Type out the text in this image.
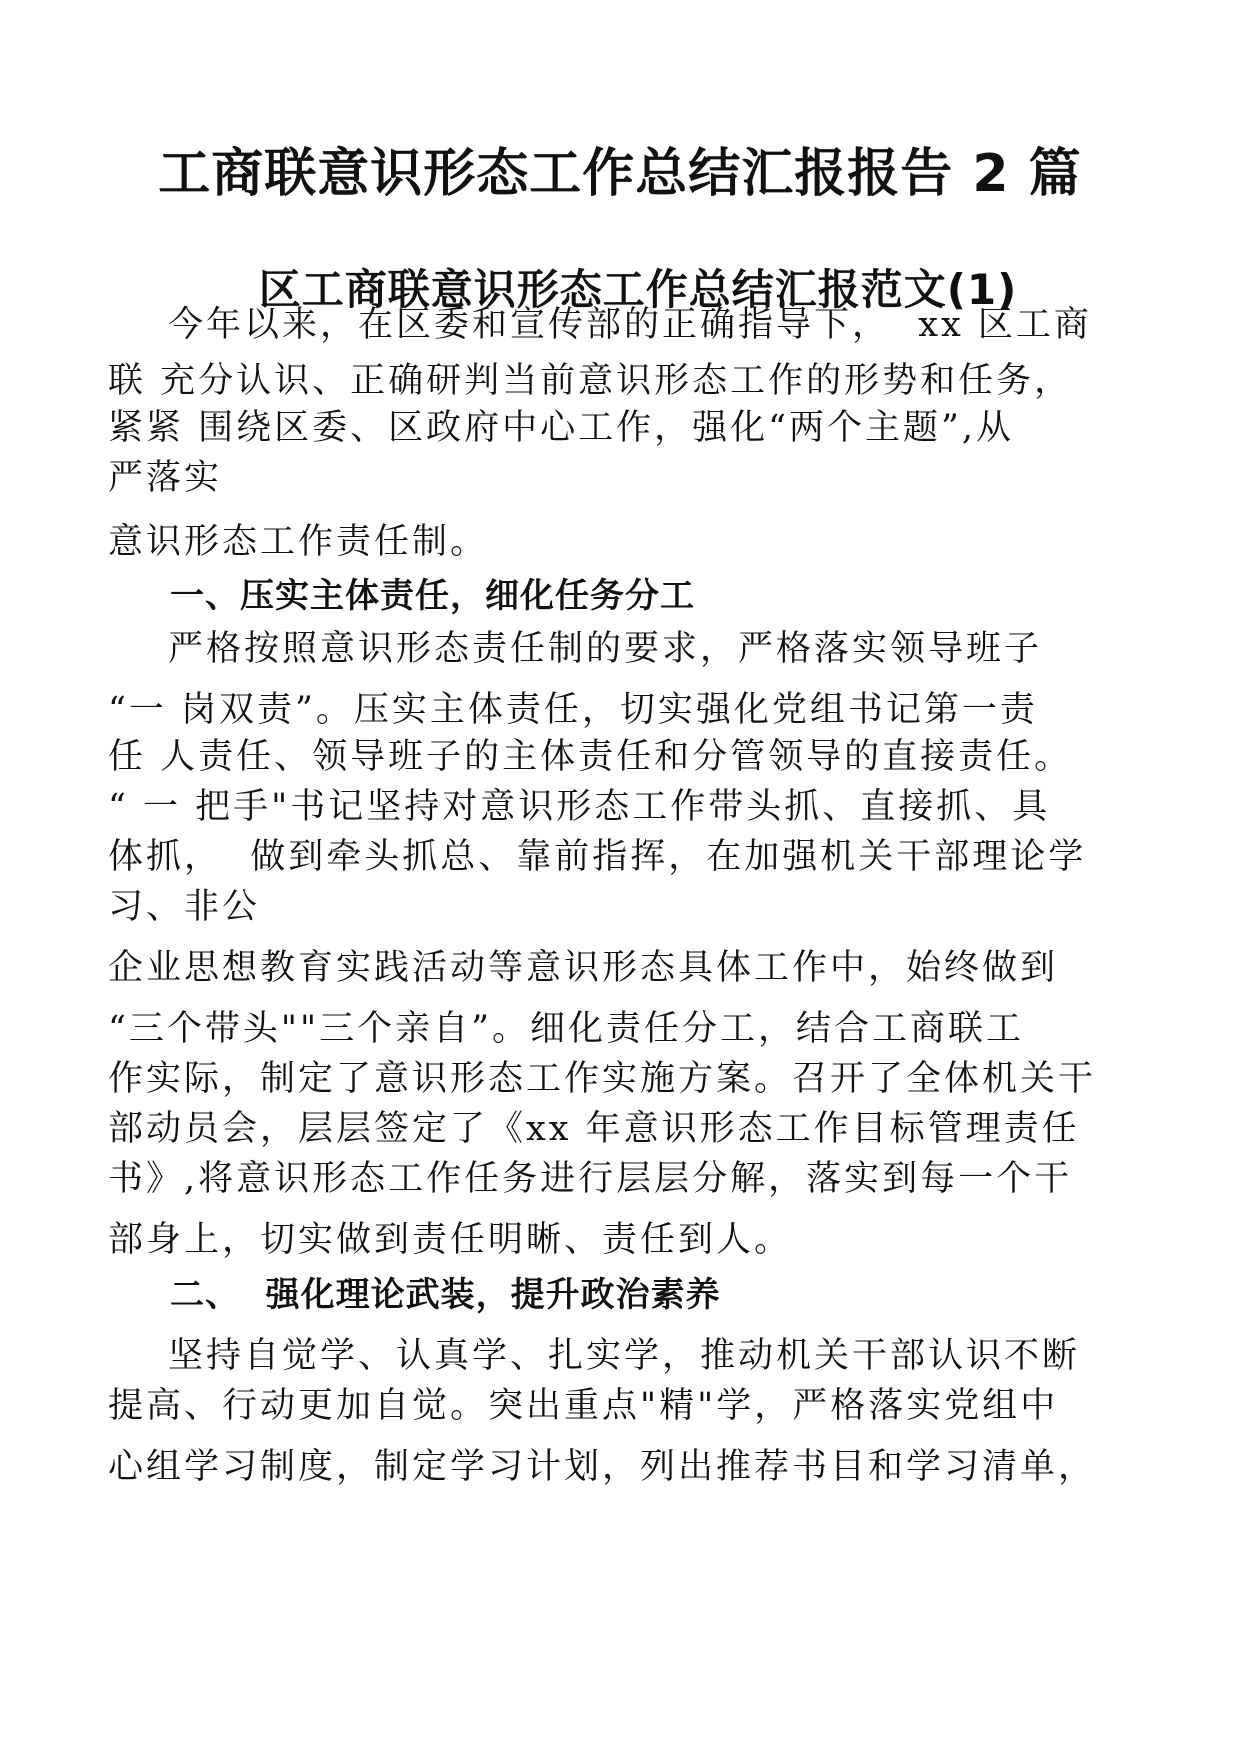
工商联意识形态工作总结汇报报告 2 篇
区工商联意识形态工作总结汇报范文(1)
今年以来，在区委和宣传部的正确指导下，  xx 区工商
联 充分认识、正确研判当前意识形态工作的形势和任务，
紧紧 围绕区委、区政府中心工作，强化“两个主题”,从
严落实
意识形态工作责任制。
一、压实主体责任，细化任务分工
严格按照意识形态责任制的要求，严格落实领导班子
“一 岗双责”。压实主体责任，切实强化党组书记第一责
任 人责任、领导班子的主体责任和分管领导的直接责任。
“ 一 把手"书记坚持对意识形态工作带头抓、直接抓、具
体抓，  做到牵头抓总、靠前指挥，在加强机关干部理论学
习、非公
企业思想教育实践活动等意识形态具体工作中，始终做到
“三个带头""三个亲自”。细化责任分工，结合工商联工
作实际，制定了意识形态工作实施方案。召开了全体机关干
部动员会，层层签定了《xx 年意识形态工作目标管理责任
书》,将意识形态工作任务进行层层分解，落实到每一个干
部身上，切实做到责任明晰、责任到人。
二、  强化理论武装，提升政治素养
坚持自觉学、认真学、扎实学，推动机关干部认识不断
提高、行动更加自觉。突出重点"精"学，严格落实党组中
心组学习制度，制定学习计划，列出推荐书目和学习清单，
